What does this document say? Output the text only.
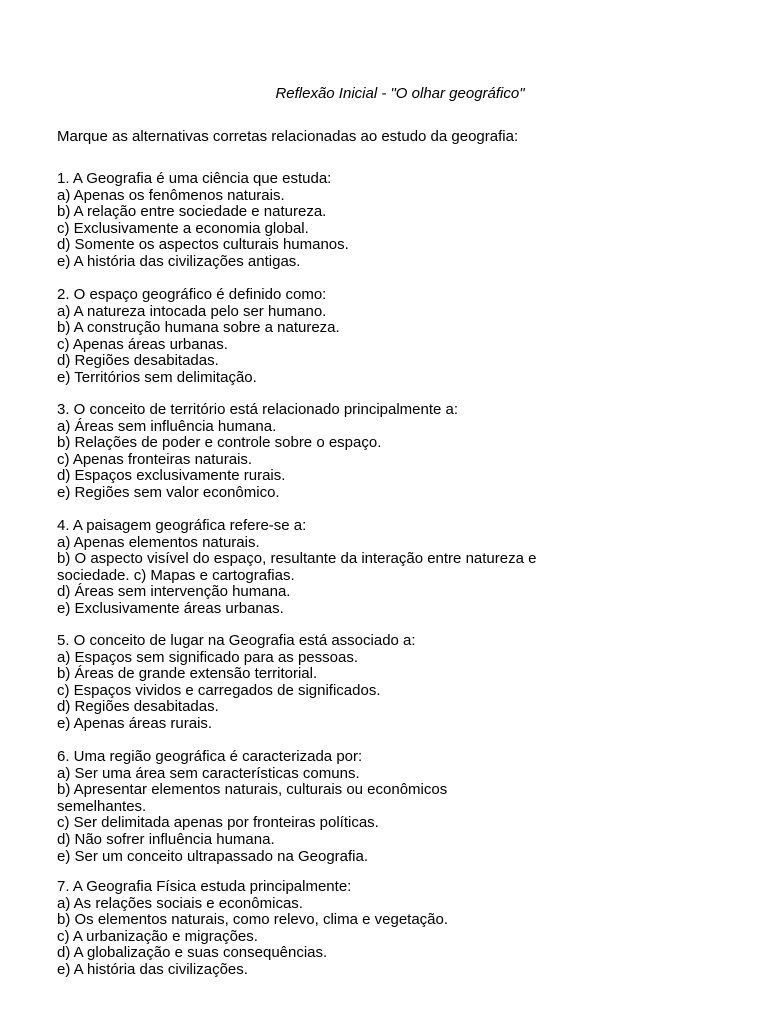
Reflexão Inicial - "O olhar geográfico"

Marque as alternativas corretas relacionadas ao estudo da geografia:

1. A Geografia é uma ciência que estuda:
a) Apenas os fenômenos naturais.
b) A relação entre sociedade e natureza.
c) Exclusivamente a economia global.
d) Somente os aspectos culturais humanos.
e) A história das civilizações antigas.
2. O espaço geográfico é definido como:
a) A natureza intocada pelo ser humano.
b) A construção humana sobre a natureza.
c) Apenas áreas urbanas.
d) Regiões desabitadas.
e) Territórios sem delimitação.
3. O conceito de território está relacionado principalmente a:
a) Áreas sem influência humana.
b) Relações de poder e controle sobre o espaço.
c) Apenas fronteiras naturais.
d) Espaços exclusivamente rurais.
e) Regiões sem valor econômico.
4. A paisagem geográfica refere-se a:
a) Apenas elementos naturais.
b) O aspecto visível do espaço, resultante da interação entre natureza e sociedade. c) Mapas e cartografias.
d) Áreas sem intervenção humana.
e) Exclusivamente áreas urbanas.
5. O conceito de lugar na Geografia está associado a:
a) Espaços sem significado para as pessoas.
b) Áreas de grande extensão territorial.
c) Espaços vividos e carregados de significados.
d) Regiões desabitadas.
e) Apenas áreas rurais.
6. Uma região geográfica é caracterizada por:
a) Ser uma área sem características comuns.
b) Apresentar elementos naturais, culturais ou econômicos semelhantes.
c) Ser delimitada apenas por fronteiras políticas.
d) Não sofrer influência humana.
e) Ser um conceito ultrapassado na Geografia.
7. A Geografia Física estuda principalmente:
a) As relações sociais e econômicas.
b) Os elementos naturais, como relevo, clima e vegetação.
c) A urbanização e migrações.
d) A globalização e suas consequências.
e) A história das civilizações.
